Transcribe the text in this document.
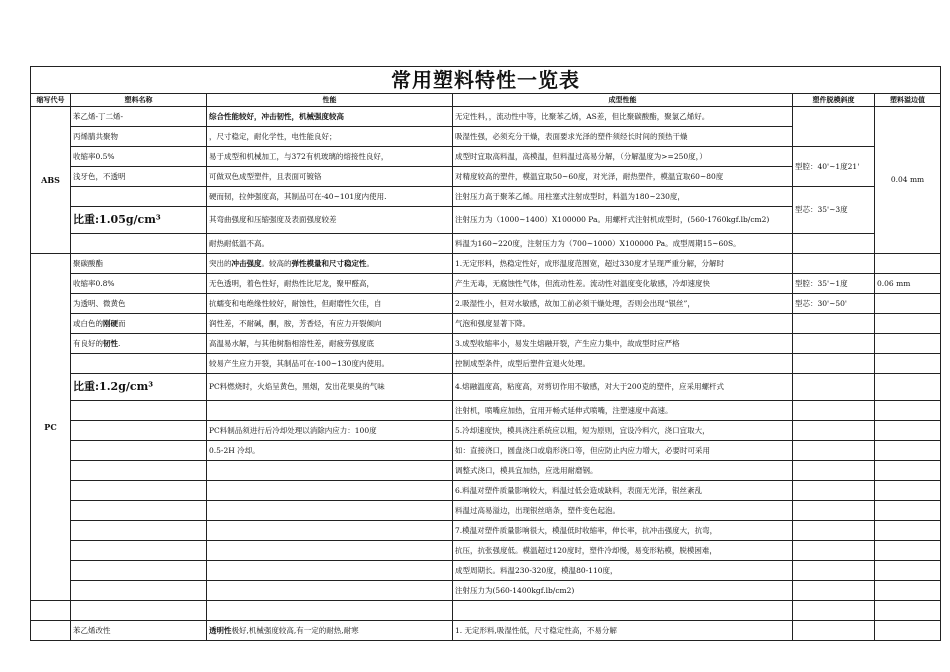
常用塑料特性一览表					
缩写代号	塑料名称	性能	成型性能	塑件脱模斜度	塑料溢边值
ABS	苯乙烯-丁二烯-	综合性能较好，冲击韧性，机械强度较高	无定性料，，流动性中等，比聚苯乙烯，AS差，但比聚碳酸酯，聚氯乙烯好。		0.04 mm
	丙烯腈共聚物	，尺寸稳定，耐化学性，电性能良好；	吸湿性强，必须充分干燥，表面要求光泽的塑件须经长时间的预热干燥		
	收缩率0.5%	易于成型和机械加工，与372有机玻璃的熔接性良好，	成型时宜取高料温，高模温，但料温过高易分解，（分解温度为>=250度，）	型腔：40'~1度21'	
	浅牙色，不透明	可做双色成型塑件，且表面可镀铬	对精度较高的塑件，模温宜取50~60度，对光泽，耐热塑件，模温宜取60~80度		
		硬而韧，拉伸强度高，其制品可在-40~101度内使用.	注射压力高于聚苯乙烯。用柱塞式注射成型时，料温为180~230度，	型芯：35'~3度	
	比重:1.05g/cm³	其弯曲强度和压缩强度及表面强度较差	注射压力为（1000~1400）X100000 Pa。用螺杆式注射机成型时，(560-1760kgf.lb/cm2)		
		耐热耐低温不高。	料温为160~220度，注射压力为（700~1000）X100000 Pa。成型周期15~60S。		
PC	聚碳酸酯	突出的冲击强度。较高的弹性模量和尺寸稳定性。	1.无定形料，热稳定性好，成形温度范围宽，超过330度才呈现严重分解，分解时		
	收缩率0.8%	无色透明，着色性好，耐热性比尼龙，聚甲醛高，	产生无毒，无腐蚀性气体，但流动性差。流动性对温度变化敏感，冷却速度快	型腔：35'~1度	0.06 mm
	为透明、微黄色	抗蠕变和电绝缘性较好，耐蚀性，但耐磨性欠佳，自	2.吸湿性小，但对水敏感，故加工前必须干燥处理，否则会出现“银丝”，	型芯：30'~50'	
	或白色的刚硬而	润性差，不耐碱，酮，胺，芳香烃，有应力开裂倾向	气泡和强度显著下降。		
	有良好的韧性.	高温易水解，与其他树脂相溶性差，耐疲劳强度底	3.成型收缩率小，易发生熔融开裂，产生应力集中，故成型时应严格		
		较易产生应力开裂，其制品可在-100~130度内使用。	控制成型条件，成型后塑件宜退火处理。		
	比重:1.2g/cm³	PC料燃烧时，火焰呈黄色，黑烟，发出花果臭的气味	4.熔融温度高，粘度高，对剪切作用不敏感，对大于200克的塑件，应采用螺杆式		
			注射机，喷嘴应加热，宜用开畅式延伸式喷嘴，注塑速度中高速。		
		PC料制品须进行后冷却处理以消除内应力：100度	5.冷却速度快，模具浇注系统应以粗，短为原则，宜设冷料穴，浇口宜取大，		
		0.5-2H 冷却。	如：直接浇口，圆盘浇口或扇形浇口等，但应防止内应力增大，必要时可采用		
			调整式浇口，模具宜加热，应选用耐磨钢。		
			6.料温对塑件质量影响较大，料温过低会造成缺料，表面无光泽，银丝紊乱		
			料温过高易溢边，出现银丝暗条，塑件变色起泡。		
			7.模温对塑件质量影响很大，模温低时收缩率，伸长率，抗冲击强度大，抗弯，		
			抗压，抗张强度低。模温超过120度时，塑件冷却慢，易变形粘模，脱模困难，		
			成型周期长。料温230-320度，模温80-110度，		
			注射压力为(560-1400kgf.lb/cm2)		

	苯乙烯改性	透明性极好,机械强度较高,有一定的耐热,耐寒	1. 无定形料,吸湿性低，尺寸稳定性高，不易分解		
